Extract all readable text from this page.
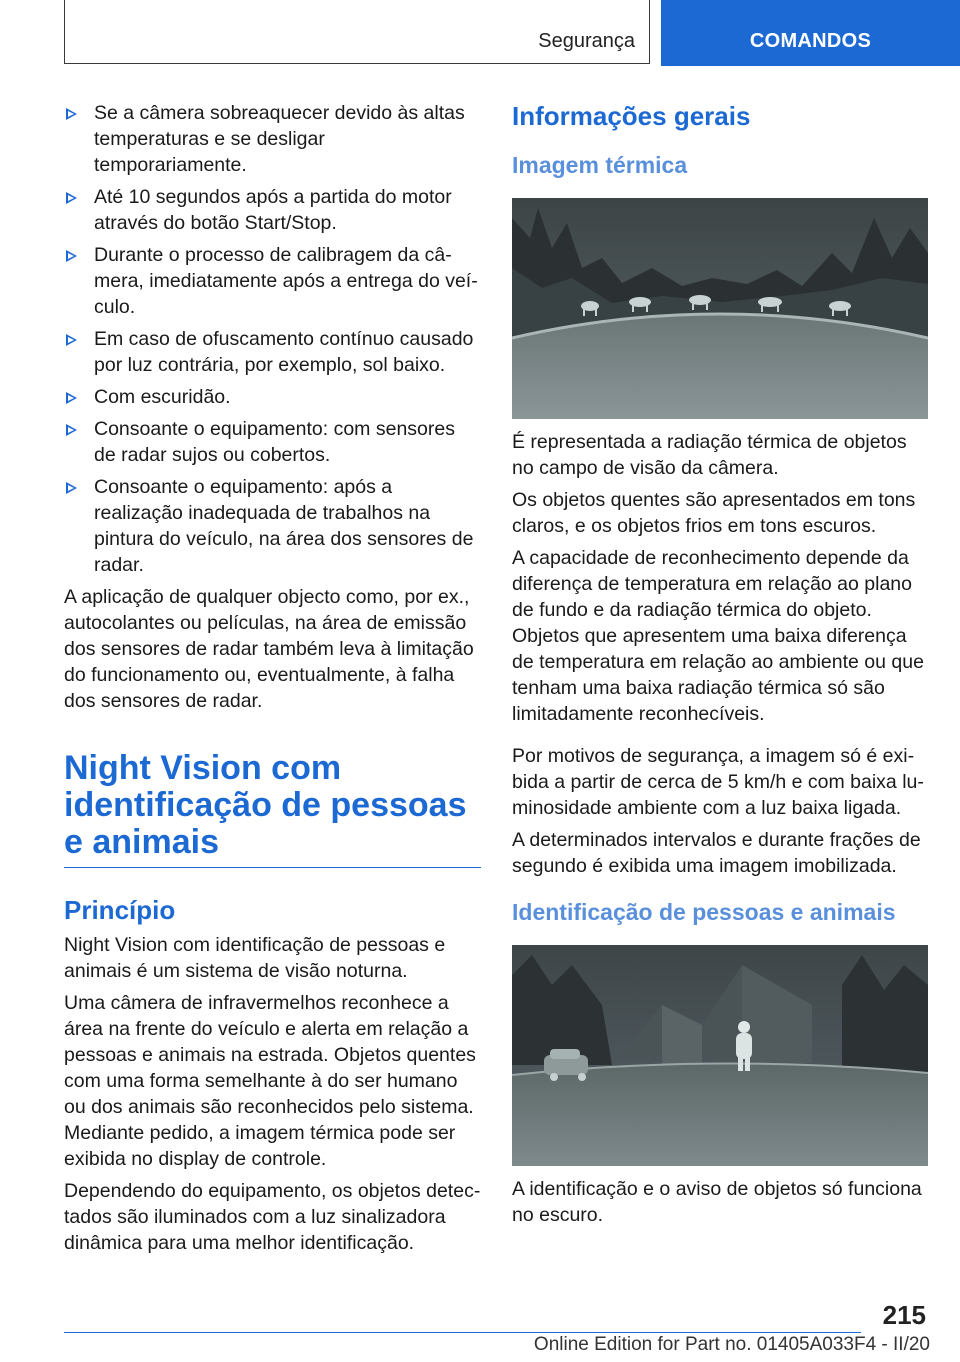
Segurança	COMANDOS
Se a câmera sobreaquecer devido às altas temperaturas e se desligar temporariamente.
Até 10 segundos após a partida do motor através do botão Start/Stop.
Durante o processo de calibragem da câmera, imediatamente após a entrega do veículo.
Em caso de ofuscamento contínuo causado por luz contrária, por exemplo, sol baixo.
Com escuridão.
Consoante o equipamento: com sensores de radar sujos ou cobertos.
Consoante o equipamento: após a realização inadequada de trabalhos na pintura do veículo, na área dos sensores de radar.

A aplicação de qualquer objecto como, por ex., autocolantes ou películas, na área de emissão dos sensores de radar também leva à limitação do funcionamento ou, eventualmente, à falha dos sensores de radar.

Night Vision com identificação de pessoas e animais
Princípio

Night Vision com identificação de pessoas e animais é um sistema de visão noturna.

Uma câmera de infravermelhos reconhece a área na frente do veículo e alerta em relação a pessoas e animais na estrada. Objetos quentes com uma forma semelhante à do ser humano ou dos animais são reconhecidos pelo sistema. Mediante pedido, a imagem térmica pode ser exibida no display de controle.

Dependendo do equipamento, os objetos detectados são iluminados com a luz sinalizadora dinâmica para uma melhor identificação.

Informações gerais
Imagem térmica

É representada a radiação térmica de objetos no campo de visão da câmera.

Os objetos quentes são apresentados em tons claros, e os objetos frios em tons escuros.

A capacidade de reconhecimento depende da diferença de temperatura em relação ao plano de fundo e da radiação térmica do objeto. Objetos que apresentem uma baixa diferença de temperatura em relação ao ambiente ou que tenham uma baixa radiação térmica só são limitadamente reconhecíveis.

Por motivos de segurança, a imagem só é exibida a partir de cerca de 5 km/h e com baixa luminosidade ambiente com a luz baixa ligada.

A determinados intervalos e durante frações de segundo é exibida uma imagem imobilizada.

Identificação de pessoas e animais

A identificação e o aviso de objetos só funciona no escuro.

215
Online Edition for Part no. 01405A033F4 - II/20
